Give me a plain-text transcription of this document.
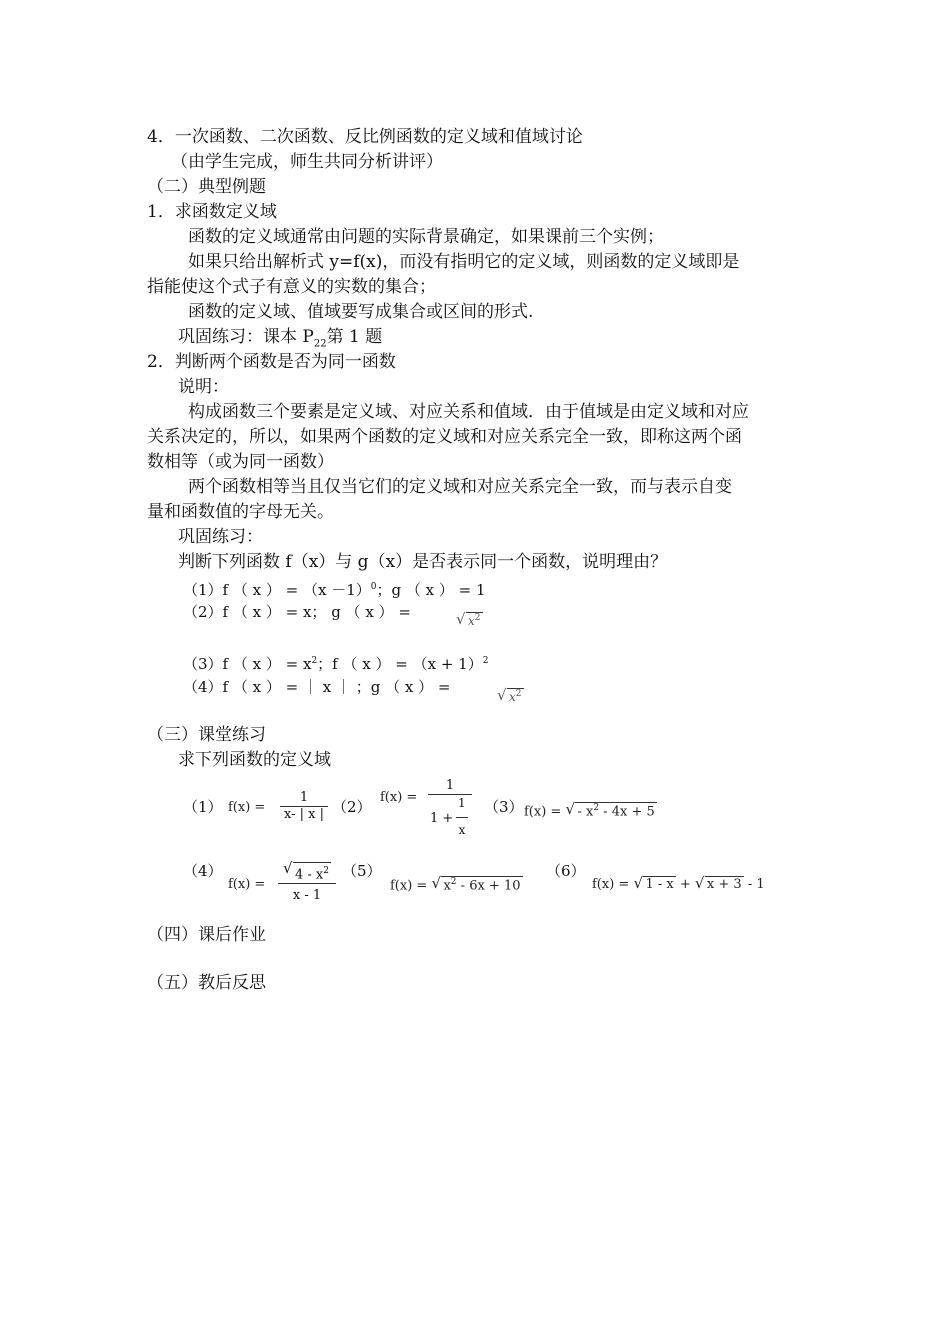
4．一次函数、二次函数、反比例函数的定义域和值域讨论
（由学生完成，师生共同分析讲评）
（二）典型例题
1．求函数定义域
函数的定义域通常由问题的实际背景确定，如果课前三个实例；
如果只给出解析式 y=f(x)，而没有指明它的定义域，则函数的定义域即是
指能使这个式子有意义的实数的集合；
函数的定义域、值域要写成集合或区间的形式.
巩固练习：课本 $P_{22}$第 1 题
2．判断两个函数是否为同一函数
说明：
构成函数三个要素是定义域、对应关系和值域．由于值域是由定义域和对应
关系决定的，所以，如果两个函数的定义域和对应关系完全一致，即称这两个函
数相等（或为同一函数）
两个函数相等当且仅当它们的定义域和对应关系完全一致，而与表示自变
量和函数值的字母无关。
巩固练习：
判断下列函数 f（x）与 g（x）是否表示同一个函数，说明理由？
（1）f （ x ） = $(x -1)^0$；g （ x ） = 1
（2）f （ x ） = x； g （ x ） =	√ $x^2$
（3）f （ x ） = $x^2$；f （ x ） = $(x + 1)^2$
（4）f （ x ） = ｜ x ｜ ；g （ x ） =
√ $x^2$
（三）课堂练习
求下列函数的定义域
（1） $f(x) = \frac{1}{x- | x |} (2)$
f(x) = 1
1 +
1
x （3） f(x) = √ - $x^2 - 4x + 5$
（4）
f(x) = √ $\frac{4 - x^2}{x - 1} (5)$
f(x) = √ $x^2 - 6x + 10$
（6）
f(x) = √ 1 - x + √ x + 3 - 1
（四）课后作业
（五）教后反思
